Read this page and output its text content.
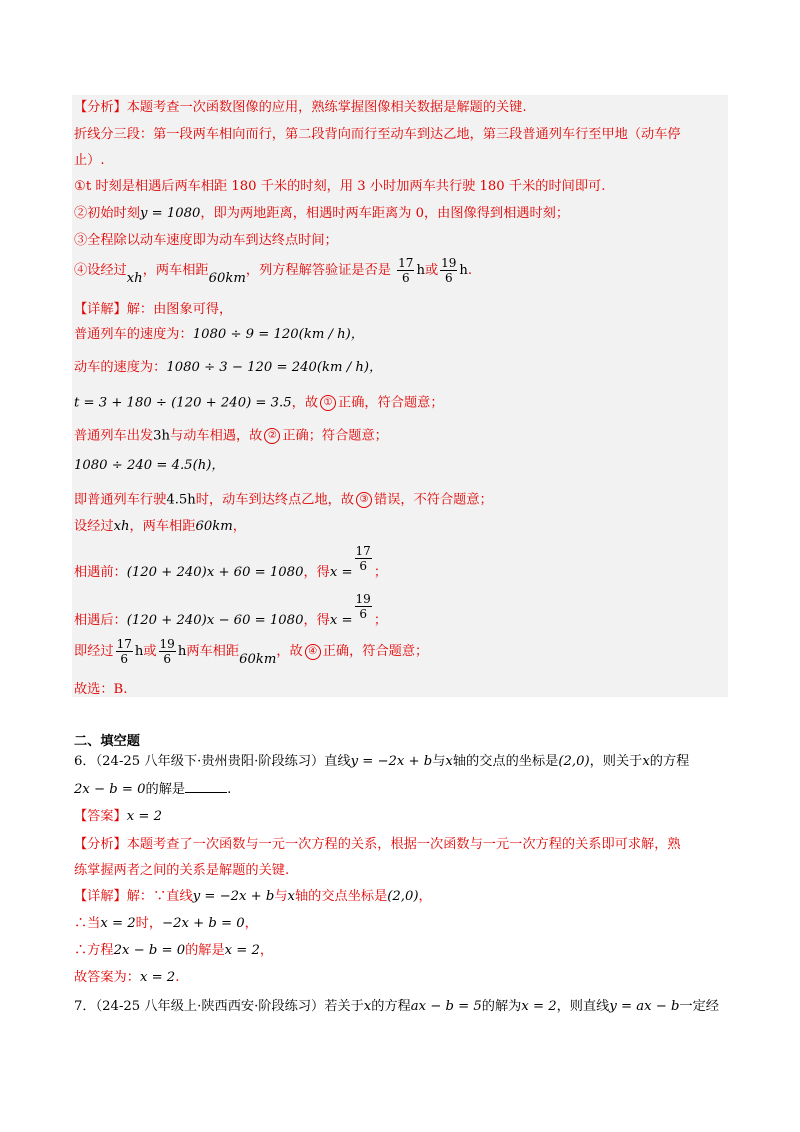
【分析】本题考查一次函数图像的应用，熟练掌握图像相关数据是解题的关键.
折线分三段：第一段两车相向而行，第二段背向而行至动车到达乙地，第三段普通列车行至甲地（动车停
止）.
①t 时刻是相遇后两车相距 180 千米的时刻，用 3 小时加两车共行驶 180 千米的时间即可.
②初始时刻y = 1080，即为两地距离，相遇时两车距离为 0，由图像得到相遇时刻；
③全程除以动车速度即为动车到达终点时间；
④设经过xh，两车相距60km，列方程解答验证是否是 $\frac{17}{6}$ h或 $\frac{19}{6} h$.
【详解】解：由图象可得，
普通列车的速度为：1080 ÷ 9 = 120(km / h)，
动车的速度为：1080 ÷ 3 − 120 = 240(km / h)，
t = 3 + 180 ÷ (120 + 240) = 3.5，故 ① 正确，符合题意；
普通列车出发3h与动车相遇，故 ② 正确；符合题意；
1080 ÷ 240 = 4.5(h)，
即普通列车行驶4.5h时，动车到达终点乙地，故 ③ 错误，不符合题意；
设经过xh，两车相距60km，
相遇前：(120 + 240)x + 60 = 1080，得$x = \frac{17}{6}$ ；
相遇后：(120 + 240)x − 60 = 1080，得$x = \frac{19}{6}$ ；
即经过 $\frac{17}{6}$ h或 $\frac{19}{6}$ h两车相距60km，故 ④ 正确，符合题意；
故选：B.
二、填空题
6．（24-25 八年级下·贵州贵阳·阶段练习）直线y = −2x + b与x轴的交点的坐标是(2,0)，则关于x的方程
2x − b = 0的解是	.
【答案】x = 2
【分析】本题考查了一次函数与一元一次方程的关系，根据一次函数与一元一次方程的关系即可求解，熟
练掌握两者之间的关系是解题的关键.
【详解】解：∵直线y = −2x + b与x轴的交点坐标是(2,0)，
∴当x = 2时，−2x + b = 0，
∴方程2x − b = 0的解是x = 2，
故答案为：x = 2.
7．（24-25 八年级上·陕西西安·阶段练习）若关于x的方程ax − b = 5的解为x = 2，则直线y = ax − b一定经
